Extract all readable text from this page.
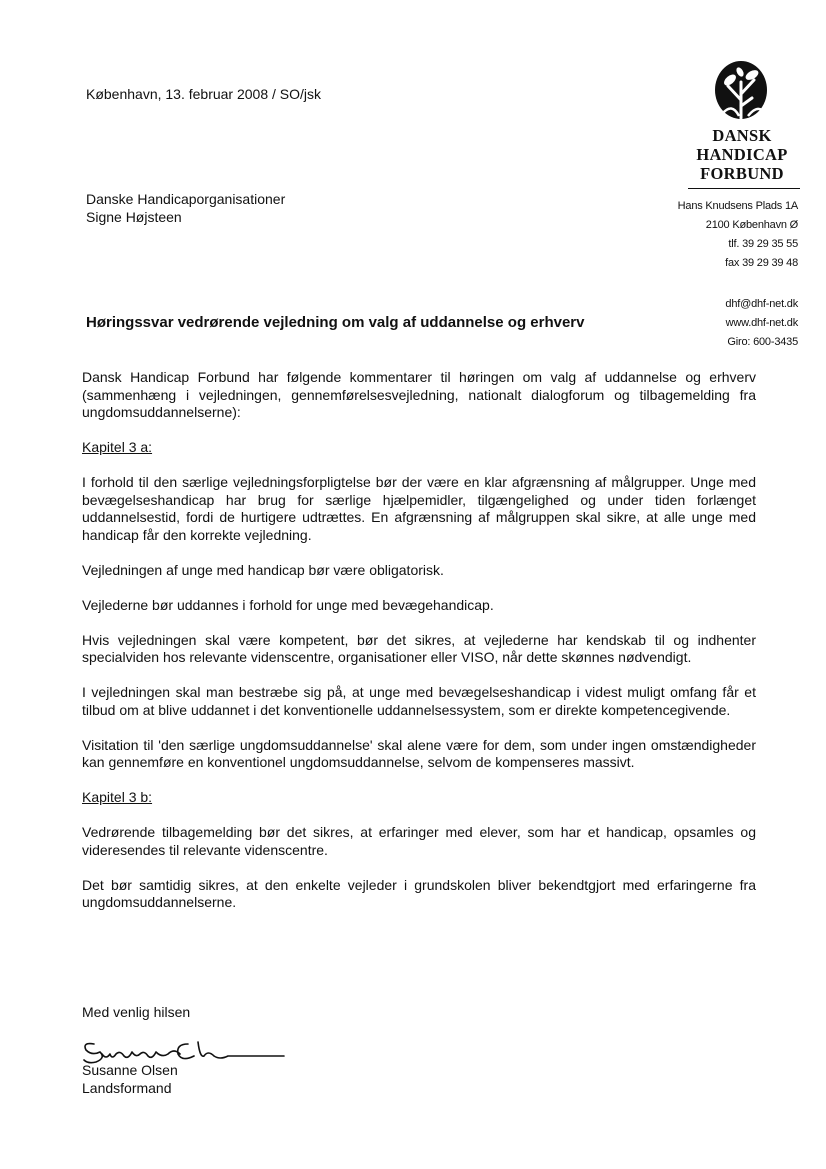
København, 13. februar 2008 / SO/jsk
Danske Handicaporganisationer
Signe Højsteen
DANSK
HANDICAP
FORBUND
Hans Knudsens Plads 1A
2100 København Ø
tlf. 39 29 35 55
fax 39 29 39 48
dhf@dhf-net.dk
www.dhf-net.dk
Giro: 600-3435
Høringssvar vedrørende vejledning om valg af uddannelse og erhverv

Dansk Handicap Forbund har følgende kommentarer til høringen om valg af uddannelse og erhverv (sammenhæng i vejledningen, gennemførelsesvejledning, nationalt dialogforum og tilbagemelding fra ungdomsuddannelserne):

Kapitel 3 a:

I forhold til den særlige vejledningsforpligtelse bør der være en klar afgrænsning af målgrupper. Unge med bevægelseshandicap har brug for særlige hjælpemidler, tilgængelighed og under tiden forlænget uddannelsestid, fordi de hurtigere udtrættes. En afgrænsning af målgruppen skal sikre, at alle unge med handicap får den korrekte vejledning.

Vejledningen af unge med handicap bør være obligatorisk.

Vejlederne bør uddannes i forhold for unge med bevægehandicap.

Hvis vejledningen skal være kompetent, bør det sikres, at vejlederne har kendskab til og indhenter specialviden hos relevante videnscentre, organisationer eller VISO, når dette skønnes nødvendigt.

I vejledningen skal man bestræbe sig på, at unge med bevægelseshandicap i videst muligt omfang får et tilbud om at blive uddannet i det konventionelle uddannelsessystem, som er direkte kompetencegivende.

Visitation til 'den særlige ungdomsuddannelse' skal alene være for dem, som under ingen omstændigheder kan gennemføre en konventionel ungdomsuddannelse, selvom de kompenseres massivt.

Kapitel 3 b:

Vedrørende tilbagemelding bør det sikres, at erfaringer med elever, som har et handicap, opsamles og videresendes til relevante videnscentre.

Det bør samtidig sikres, at den enkelte vejleder i grundskolen bliver bekendtgjort med erfaringerne fra ungdomsuddannelserne.

Med venlig hilsen
Susanne Olsen
Landsformand
